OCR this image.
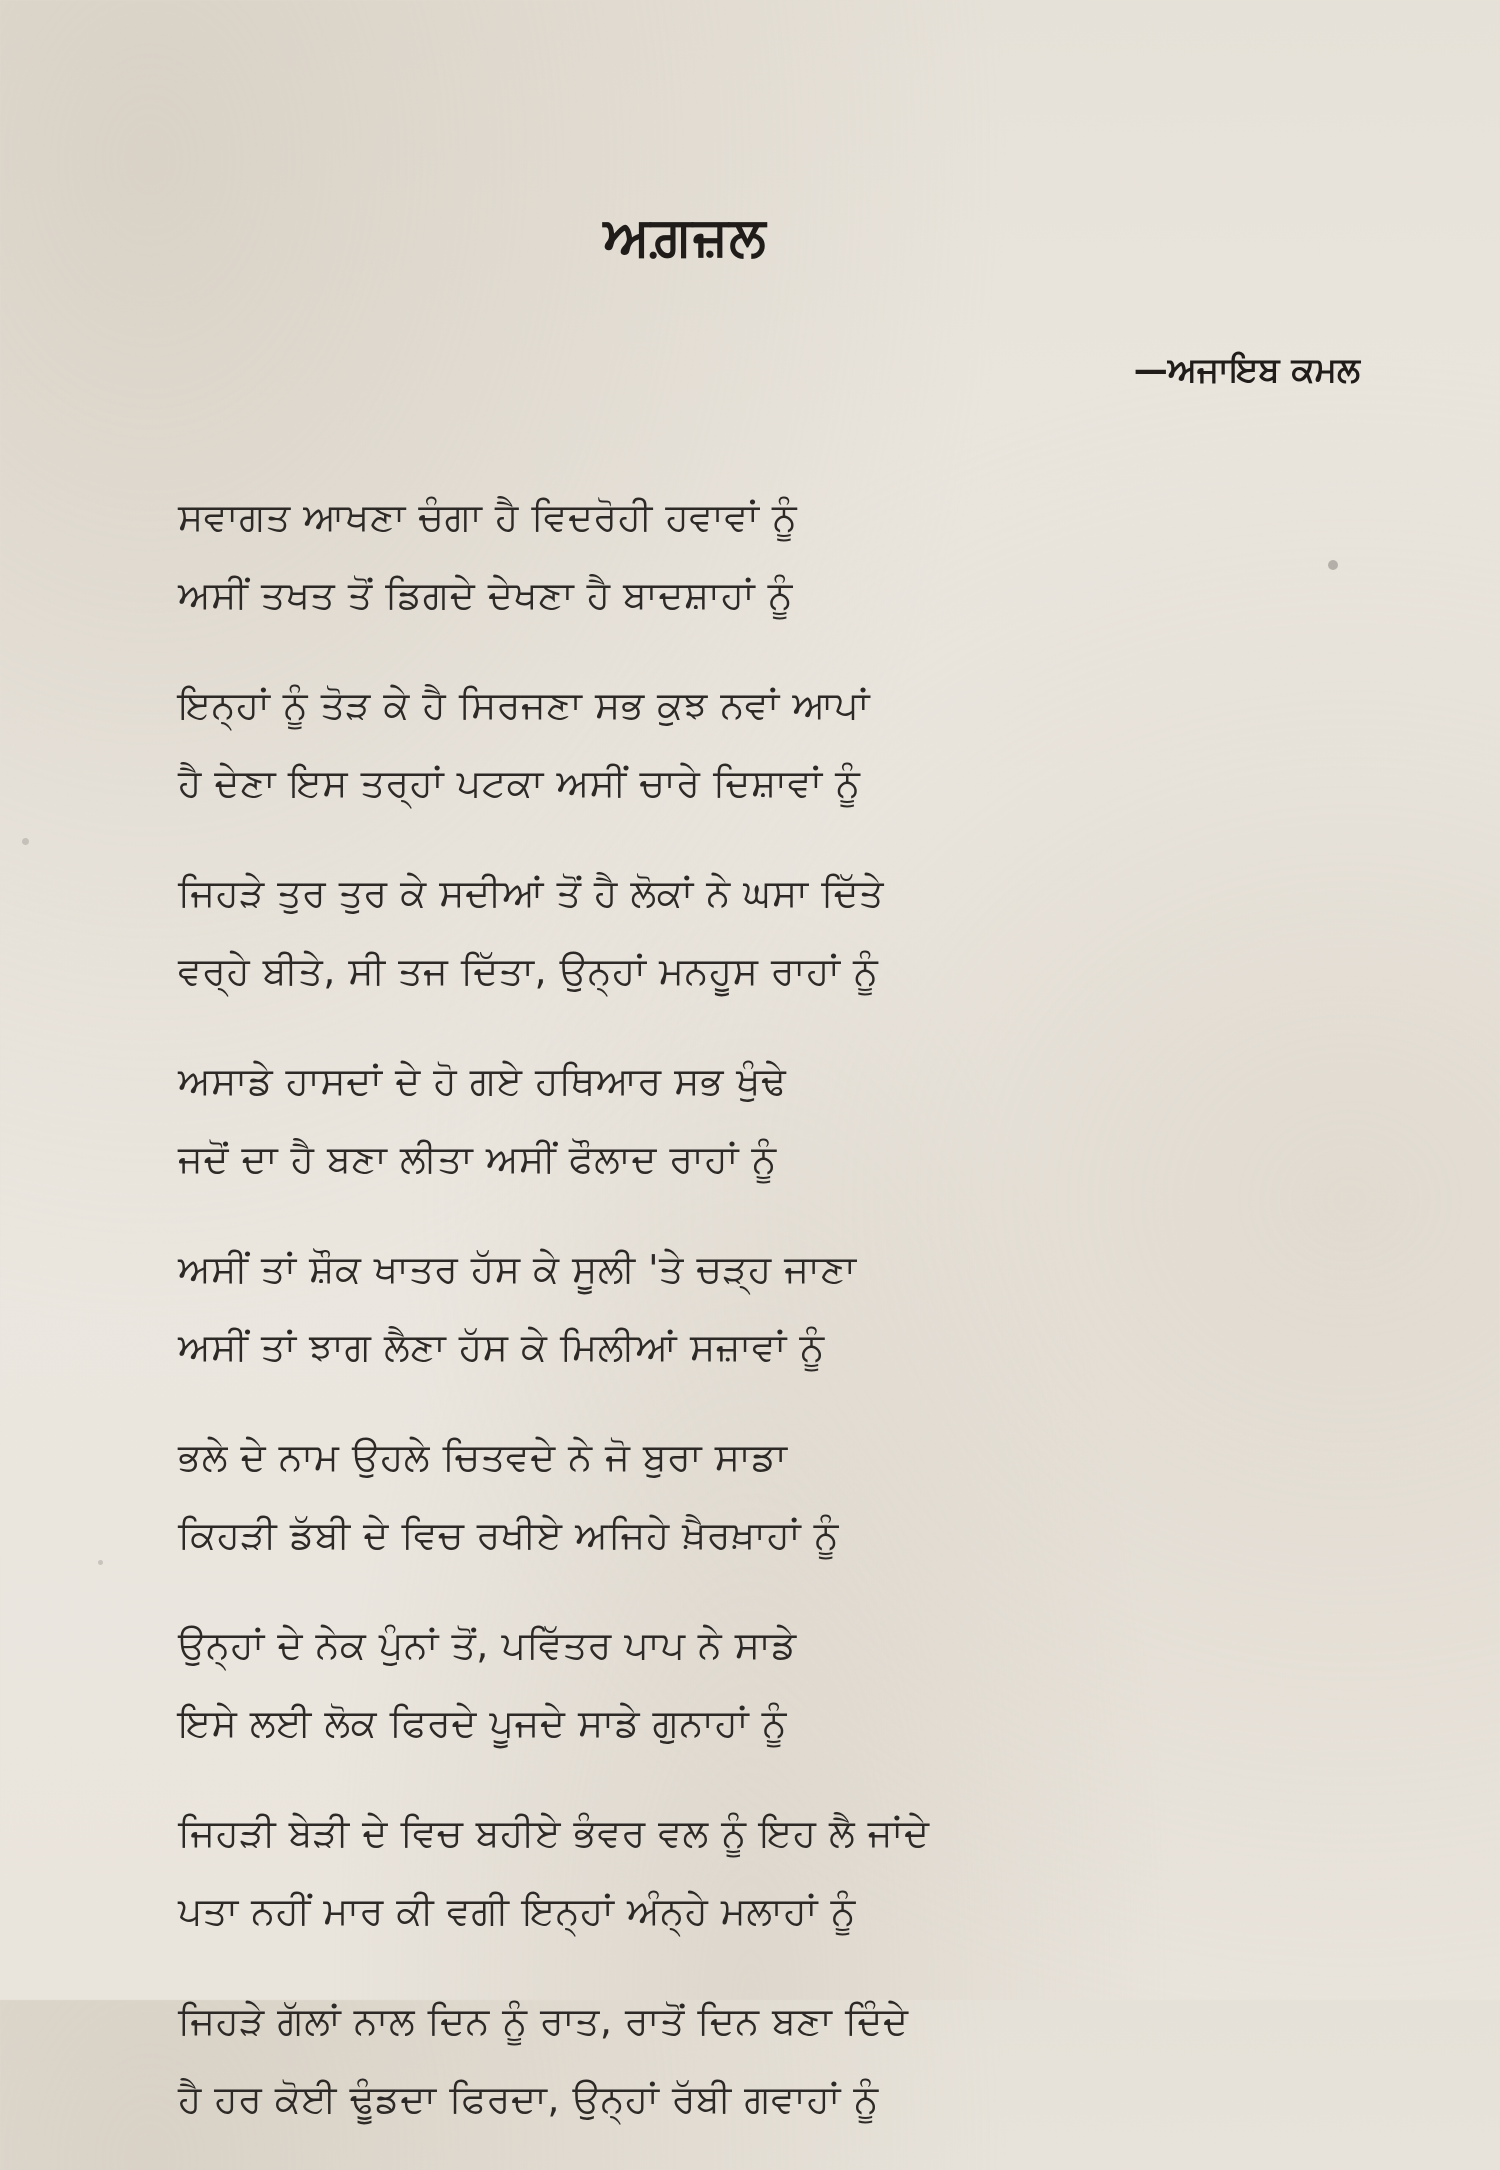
ਅਗ਼ਜ਼ਲ
—ਅਜਾਇਬ ਕਮਲ
ਸਵਾਗਤ ਆਖਣਾ ਚੰਗਾ ਹੈ ਵਿਦਰੋਹੀ ਹਵਾਵਾਂ ਨੂੰ
ਅਸੀਂ ਤਖਤ ਤੋਂ ਡਿਗਦੇ ਦੇਖਣਾ ਹੈ ਬਾਦਸ਼ਾਹਾਂ ਨੂੰ
ਇਨ੍ਹਾਂ ਨੂੰ ਤੋੜ ਕੇ ਹੈ ਸਿਰਜਣਾ ਸਭ ਕੁਝ ਨਵਾਂ ਆਪਾਂ
ਹੈ ਦੇਣਾ ਇਸ ਤਰ੍ਹਾਂ ਪਟਕਾ ਅਸੀਂ ਚਾਰੇ ਦਿਸ਼ਾਵਾਂ ਨੂੰ
ਜਿਹੜੇ ਤੁਰ ਤੁਰ ਕੇ ਸਦੀਆਂ ਤੋਂ ਹੈ ਲੋਕਾਂ ਨੇ ਘਸਾ ਦਿੱਤੇ
ਵਰ੍ਹੇ ਬੀਤੇ, ਸੀ ਤਜ ਦਿੱਤਾ, ਉਨ੍ਹਾਂ ਮਨਹੂਸ ਰਾਹਾਂ ਨੂੰ
ਅਸਾਡੇ ਹਾਸਦਾਂ ਦੇ ਹੋ ਗਏ ਹਥਿਆਰ ਸਭ ਖੁੰਢੇ
ਜਦੋਂ ਦਾ ਹੈ ਬਣਾ ਲੀਤਾ ਅਸੀਂ ਫੌਲਾਦ ਰਾਹਾਂ ਨੂੰ
ਅਸੀਂ ਤਾਂ ਸ਼ੌਕ ਖਾਤਰ ਹੱਸ ਕੇ ਸੂਲੀ 'ਤੇ ਚੜ੍ਹ ਜਾਣਾ
ਅਸੀਂ ਤਾਂ ਝਾਗ ਲੈਣਾ ਹੱਸ ਕੇ ਮਿਲੀਆਂ ਸਜ਼ਾਵਾਂ ਨੂੰ
ਭਲੇ ਦੇ ਨਾਮ ਉਹਲੇ ਚਿਤਵਦੇ ਨੇ ਜੋ ਬੁਰਾ ਸਾਡਾ
ਕਿਹੜੀ ਡੱਬੀ ਦੇ ਵਿਚ ਰਖੀਏ ਅਜਿਹੇ ਖ਼ੈਰਖ਼ਾਹਾਂ ਨੂੰ
ਉਨ੍ਹਾਂ ਦੇ ਨੇਕ ਪੁੰਨਾਂ ਤੋਂ, ਪਵਿੱਤਰ ਪਾਪ ਨੇ ਸਾਡੇ
ਇਸੇ ਲਈ ਲੋਕ ਫਿਰਦੇ ਪੂਜਦੇ ਸਾਡੇ ਗੁਨਾਹਾਂ ਨੂੰ
ਜਿਹੜੀ ਬੇੜੀ ਦੇ ਵਿਚ ਬਹੀਏ ਭੰਵਰ ਵਲ ਨੂੰ ਇਹ ਲੈ ਜਾਂਦੇ
ਪਤਾ ਨਹੀਂ ਮਾਰ ਕੀ ਵਗੀ ਇਨ੍ਹਾਂ ਅੰਨ੍ਹੇ ਮਲਾਹਾਂ ਨੂੰ
ਜਿਹੜੇ ਗੱਲਾਂ ਨਾਲ ਦਿਨ ਨੂੰ ਰਾਤ, ਰਾਤੋਂ ਦਿਨ ਬਣਾ ਦਿੰਦੇ
ਹੈ ਹਰ ਕੋਈ ਢੂੰਡਦਾ ਫਿਰਦਾ, ਉਨ੍ਹਾਂ ਰੱਬੀ ਗਵਾਹਾਂ ਨੂੰ
